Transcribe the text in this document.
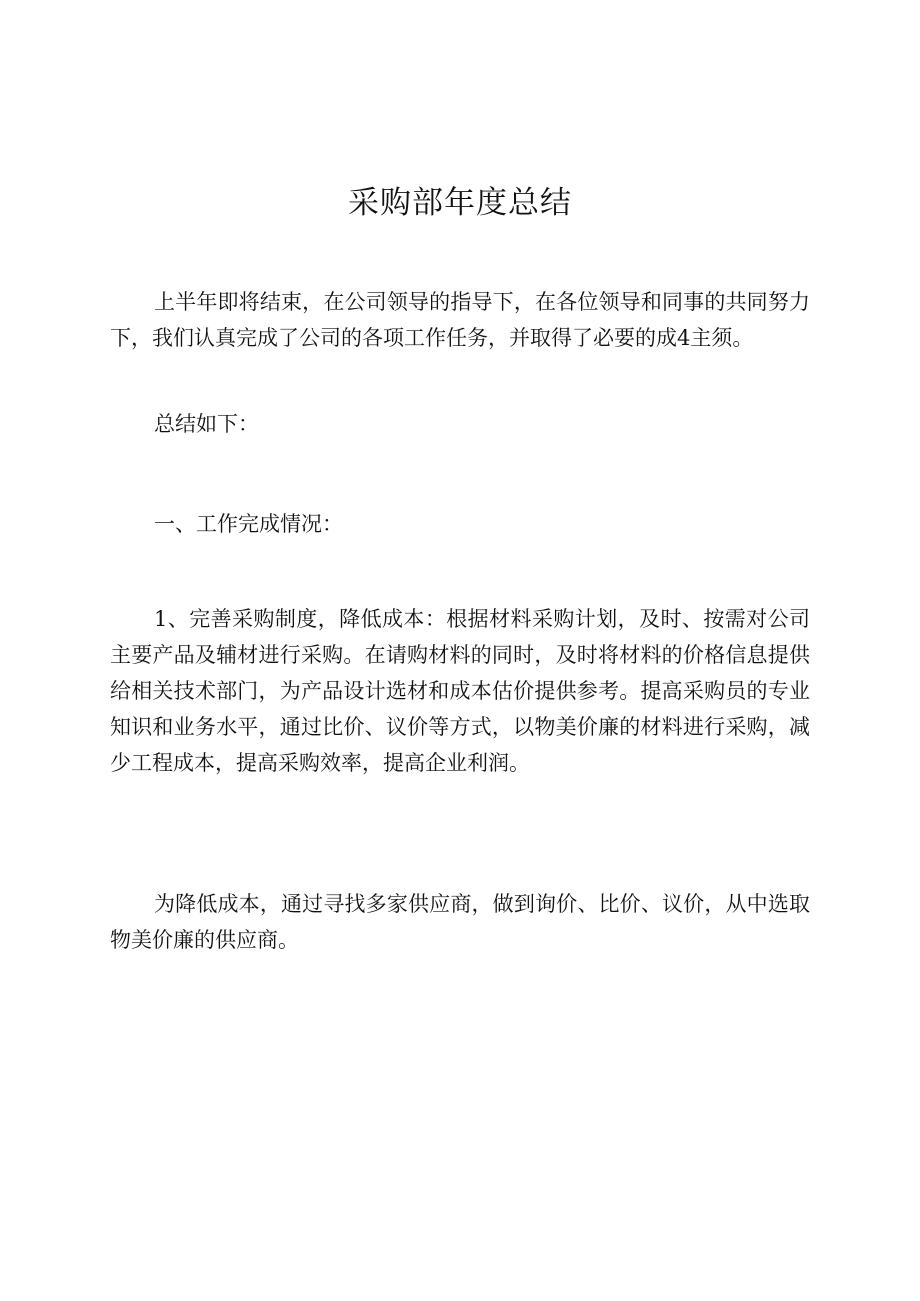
采购部年度总结

上半年即将结束，在公司领导的指导下，在各位领导和同事的共同努力下，我们认真完成了公司的各项工作任务，并取得了必要的成4主须。

总结如下：

一、工作完成情况：

1、完善采购制度，降低成本：根据材料采购计划，及时、按需对公司主要产品及辅材进行采购。在请购材料的同时，及时将材料的价格信息提供给相关技术部门，为产品设计选材和成本估价提供参考。提高采购员的专业知识和业务水平，通过比价、议价等方式，以物美价廉的材料进行采购，减少工程成本，提高采购效率，提高企业利润。

为降低成本，通过寻找多家供应商，做到询价、比价、议价，从中选取物美价廉的供应商。
